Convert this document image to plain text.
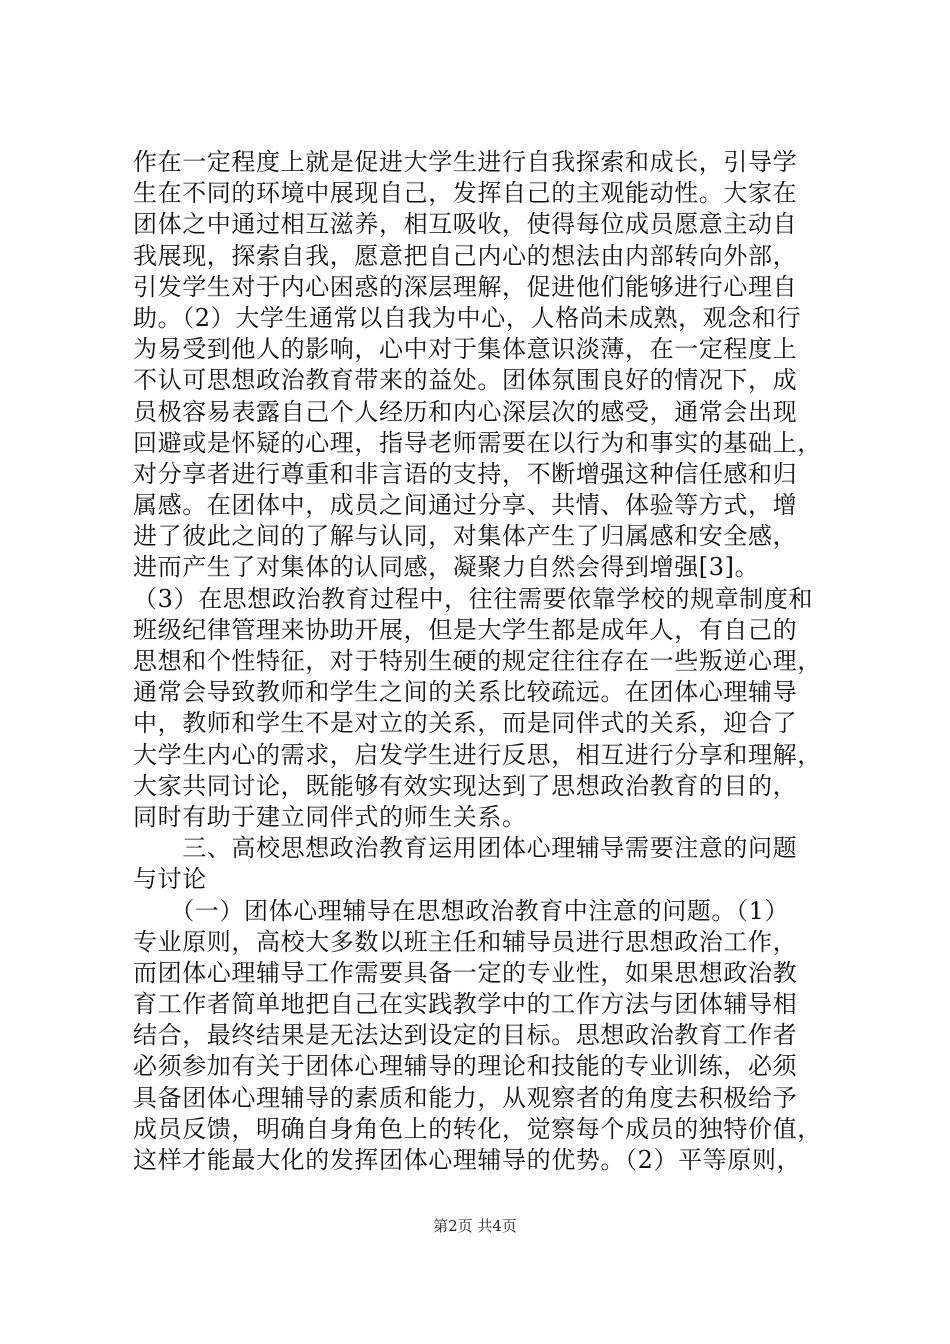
作在一定程度上就是促进大学生进行自我探索和成长，引导学
生在不同的环境中展现自己，发挥自己的主观能动性。大家在
团体之中通过相互滋养，相互吸收，使得每位成员愿意主动自
我展现，探索自我，愿意把自己内心的想法由内部转向外部，
引发学生对于内心困惑的深层理解，促进他们能够进行心理自
助。（2）大学生通常以自我为中心，人格尚未成熟，观念和行
为易受到他人的影响，心中对于集体意识淡薄，在一定程度上
不认可思想政治教育带来的益处。团体氛围良好的情况下，成
员极容易表露自己个人经历和内心深层次的感受，通常会出现
回避或是怀疑的心理，指导老师需要在以行为和事实的基础上，
对分享者进行尊重和非言语的支持，不断增强这种信任感和归
属感。在团体中，成员之间通过分享、共情、体验等方式，增
进了彼此之间的了解与认同，对集体产生了归属感和安全感，
进而产生了对集体的认同感，凝聚力自然会得到增强[3]。
（3）在思想政治教育过程中，往往需要依靠学校的规章制度和
班级纪律管理来协助开展，但是大学生都是成年人，有自己的
思想和个性特征，对于特别生硬的规定往往存在一些叛逆心理，
通常会导致教师和学生之间的关系比较疏远。在团体心理辅导
中，教师和学生不是对立的关系，而是同伴式的关系，迎合了
大学生内心的需求，启发学生进行反思，相互进行分享和理解，
大家共同讨论，既能够有效实现达到了思想政治教育的目的，
同时有助于建立同伴式的师生关系。
　　三、高校思想政治教育运用团体心理辅导需要注意的问题
与讨论
　　（一）团体心理辅导在思想政治教育中注意的问题。（1）
专业原则，高校大多数以班主任和辅导员进行思想政治工作，
而团体心理辅导工作需要具备一定的专业性，如果思想政治教
育工作者简单地把自己在实践教学中的工作方法与团体辅导相
结合，最终结果是无法达到设定的目标。思想政治教育工作者
必须参加有关于团体心理辅导的理论和技能的专业训练，必须
具备团体心理辅导的素质和能力，从观察者的角度去积极给予
成员反馈，明确自身角色上的转化，觉察每个成员的独特价值，
这样才能最大化的发挥团体心理辅导的优势。（2）平等原则，
第2页 共4页
